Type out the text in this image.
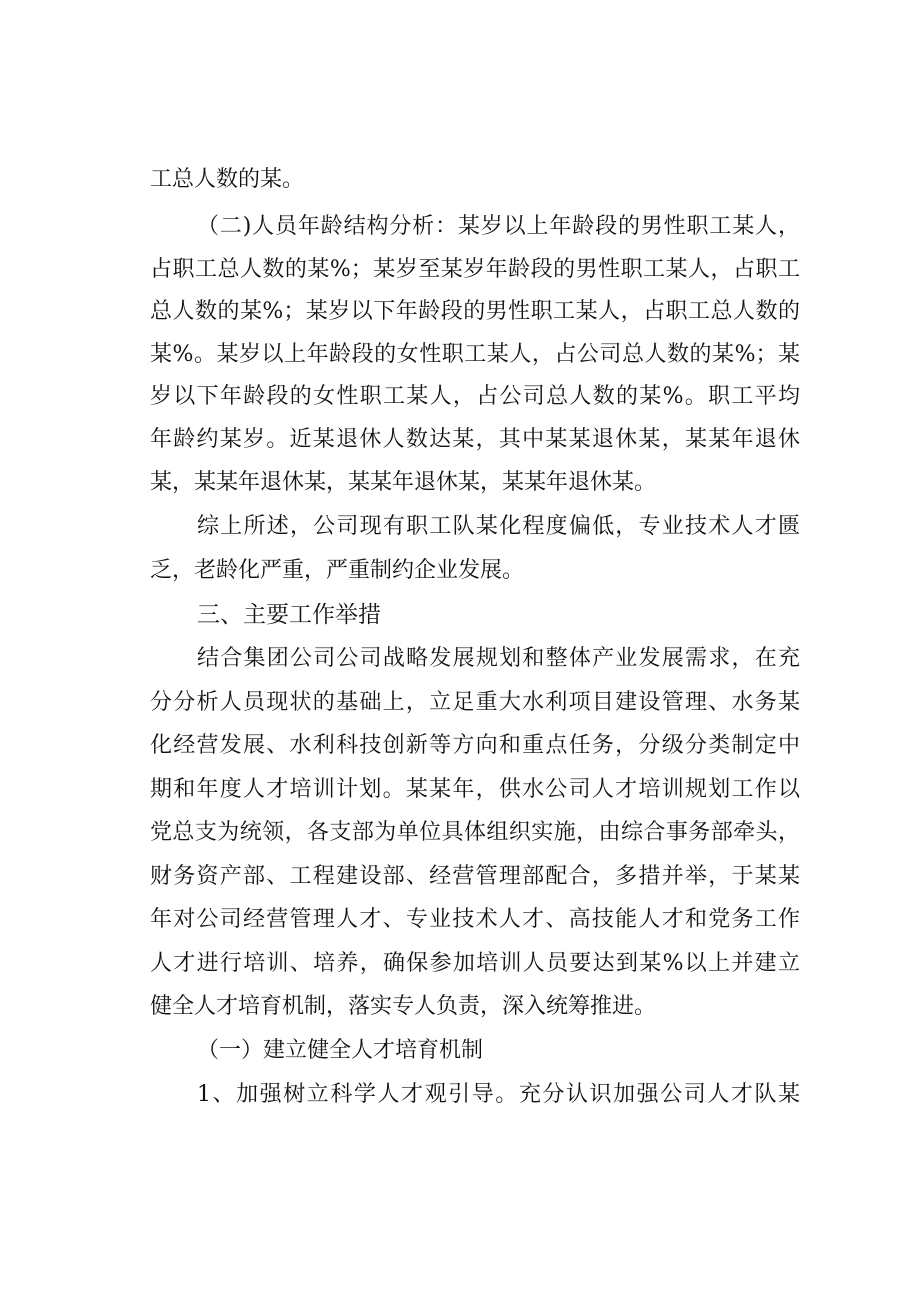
工总人数的某。
（二)人员年龄结构分析：某岁以上年龄段的男性职工某人，
占职工总人数的某%；某岁至某岁年龄段的男性职工某人，占职工
总人数的某%；某岁以下年龄段的男性职工某人，占职工总人数的
某%。某岁以上年龄段的女性职工某人，占公司总人数的某%；某
岁以下年龄段的女性职工某人，占公司总人数的某%。职工平均
年龄约某岁。近某退休人数达某，其中某某退休某，某某年退休
某，某某年退休某，某某年退休某，某某年退休某。
综上所述，公司现有职工队某化程度偏低，专业技术人才匮
乏，老龄化严重，严重制约企业发展。
三、主要工作举措
结合集团公司公司战略发展规划和整体产业发展需求，在充
分分析人员现状的基础上，立足重大水利项目建设管理、水务某
化经营发展、水利科技创新等方向和重点任务，分级分类制定中
期和年度人才培训计划。某某年，供水公司人才培训规划工作以
党总支为统领，各支部为单位具体组织实施，由综合事务部牵头，
财务资产部、工程建设部、经营管理部配合，多措并举，于某某
年对公司经营管理人才、专业技术人才、高技能人才和党务工作
人才进行培训、培养，确保参加培训人员要达到某%以上并建立
健全人才培育机制，落实专人负责，深入统筹推进。
（一）建立健全人才培育机制
1、加强树立科学人才观引导。充分认识加强公司人才队某
